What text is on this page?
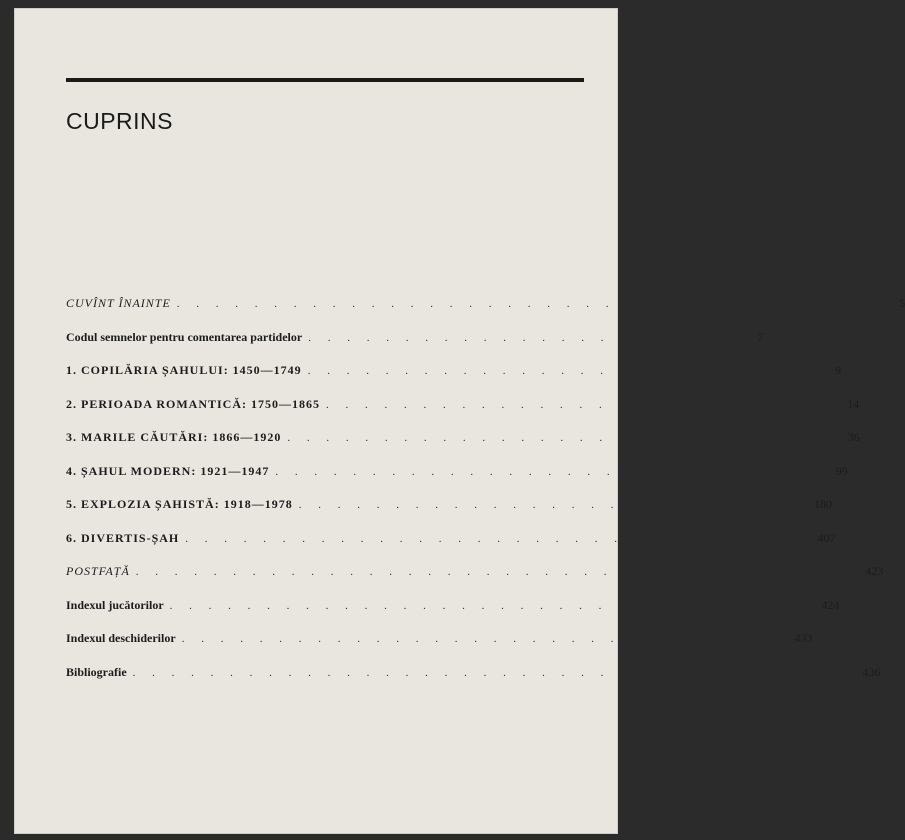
CUPRINS
CUVÎNT ÎNAINTE . . . . . . . . . . . . . . . . . . . . . . . . . . . . . . . . . . . .	5
Codul semnelor pentru comentarea partidelor . . . . . . . . . . . . . . . . . . . . . .	7
1. COPILĂRIA ȘAHULUI: 1450—1749 . . . . . . . . . . . . . . . . . . . . . . . . . .	9
2. PERIOADA ROMANTICĂ: 1750—1865 . . . . . . . . . . . . . . . . . . . . . . . . . .	14
3. MARILE CĂUTĂRI: 1866—1920 . . . . . . . . . . . . . . . . . . . . . . . . . . . .	36
4. ȘAHUL MODERN: 1921—1947 . . . . . . . . . . . . . . . . . . . . . . . . . . . .	99
5. EXPLOZIA ȘAHISTĂ: 1918—1978 . . . . . . . . . . . . . . . . . . . . . . . . . .	180
6. DIVERTIS-ȘAH . . . . . . . . . . . . . . . . . . . . . . . . . . . . . . . .	407
POSTFAȚĂ . . . . . . . . . . . . . . . . . . . . . . . . . . . . . . . . . . . . .	423
Indexul jucătorilor . . . . . . . . . . . . . . . . . . . . . . . . . . . . . . . . .	424
Indexul deschiderilor . . . . . . . . . . . . . . . . . . . . . . . . . . . . . . .	433
Bibliografie . . . . . . . . . . . . . . . . . . . . . . . . . . . . . . . . . . . . .	436
